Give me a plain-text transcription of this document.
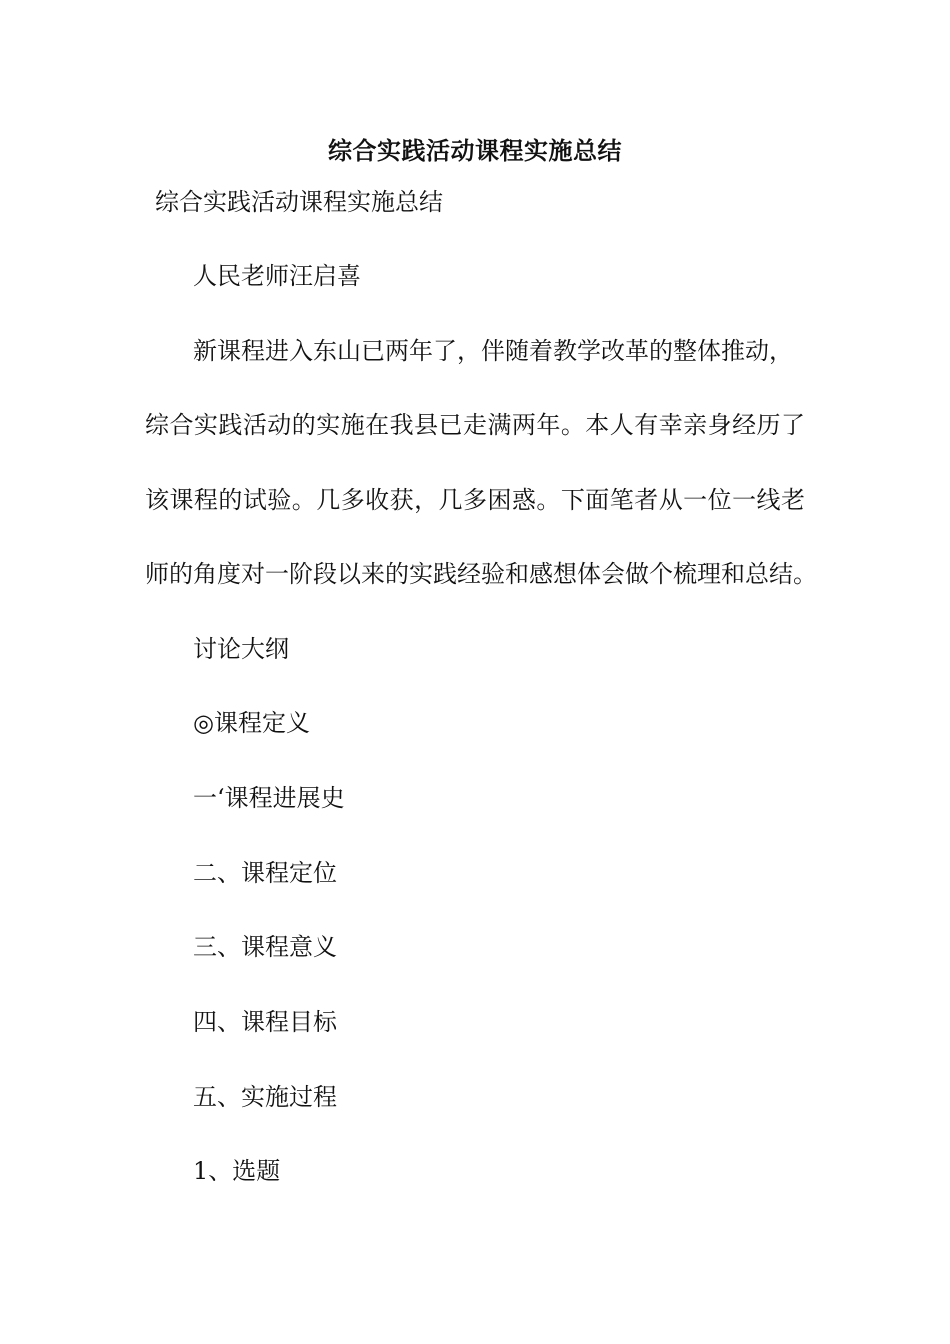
综合实践活动课程实施总结
综合实践活动课程实施总结
人民老师汪启喜
新课程进入东山已两年了，伴随着教学改革的整体推动，
综合实践活动的实施在我县已走满两年。本人有幸亲身经历了
该课程的试验。几多收获，几多困惑。下面笔者从一位一线老
师的角度对一阶段以来的实践经验和感想体会做个梳理和总结。
讨论大纲
◎课程定义
一‘课程进展史
二、课程定位
三、课程意义
四、课程目标
五、实施过程
1、选题
